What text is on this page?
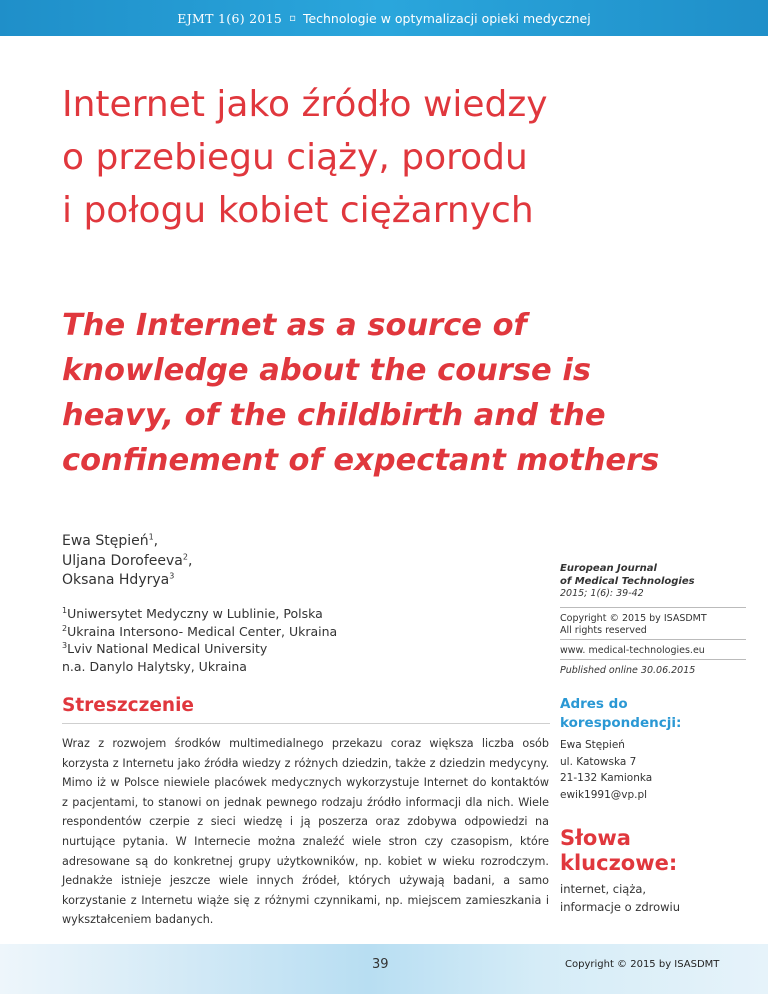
EJMT 1(6) 2015 ▫ Technologie w optymalizacji opieki medycznej
Internet jako źródło wiedzy
o przebiegu ciąży, porodu
i połogu kobiet ciężarnych
The Internet as a source of
knowledge about the course is
heavy, of the childbirth and the
confinement of expectant mothers
Ewa Stępień$^1$,
Uljana Dorofeeva$^2$,
Oksana Hdyrya$^3$
$^1$Uniwersytet Medyczny w Lublinie, Polska
$^2$Ukraina Intersono- Medical Center, Ukraina
$^3$Lviv National Medical University
n.a. Danylo Halytsky, Ukraina
European Journal
of Medical Technologies
2015; 1(6): 39-42
Copyright © 2015 by ISASDMT
All rights reserved
www. medical-technologies.eu
Published online 30.06.2015
Streszczenie

Wraz z rozwojem środków multimedialnego przekazu coraz większa liczba osób korzysta z Internetu jako źródła wiedzy z różnych dziedzin, także z dziedzin medycyny. Mimo iż w Polsce niewiele placówek medycznych wykorzystuje Internet do kontaktów z pacjentami, to stanowi on jednak pewnego rodzaju źródło informacji dla nich. Wiele respondentów czerpie z sieci wiedzę i ją poszerza oraz zdobywa odpowiedzi na nurtujące pytania. W Internecie można znaleźć wiele stron czy czasopism, które adresowane są do konkretnej grupy użytkowników, np. kobiet w wieku rozrodczym. Jednakże istnieje jeszcze wiele innych źródeł, których używają badani, a samo korzystanie z Internetu wiąże się z różnymi czynnikami, np. miejscem zamieszkania i wykształceniem badanych.

Adres do
korespondencji:
Ewa Stępień
ul. Katowska 7
21-132 Kamionka
ewik1991@vp.pl
Słowa
kluczowe:
internet, ciąża,
informacje o zdrowiu
39	Copyright © 2015 by ISASDMT
